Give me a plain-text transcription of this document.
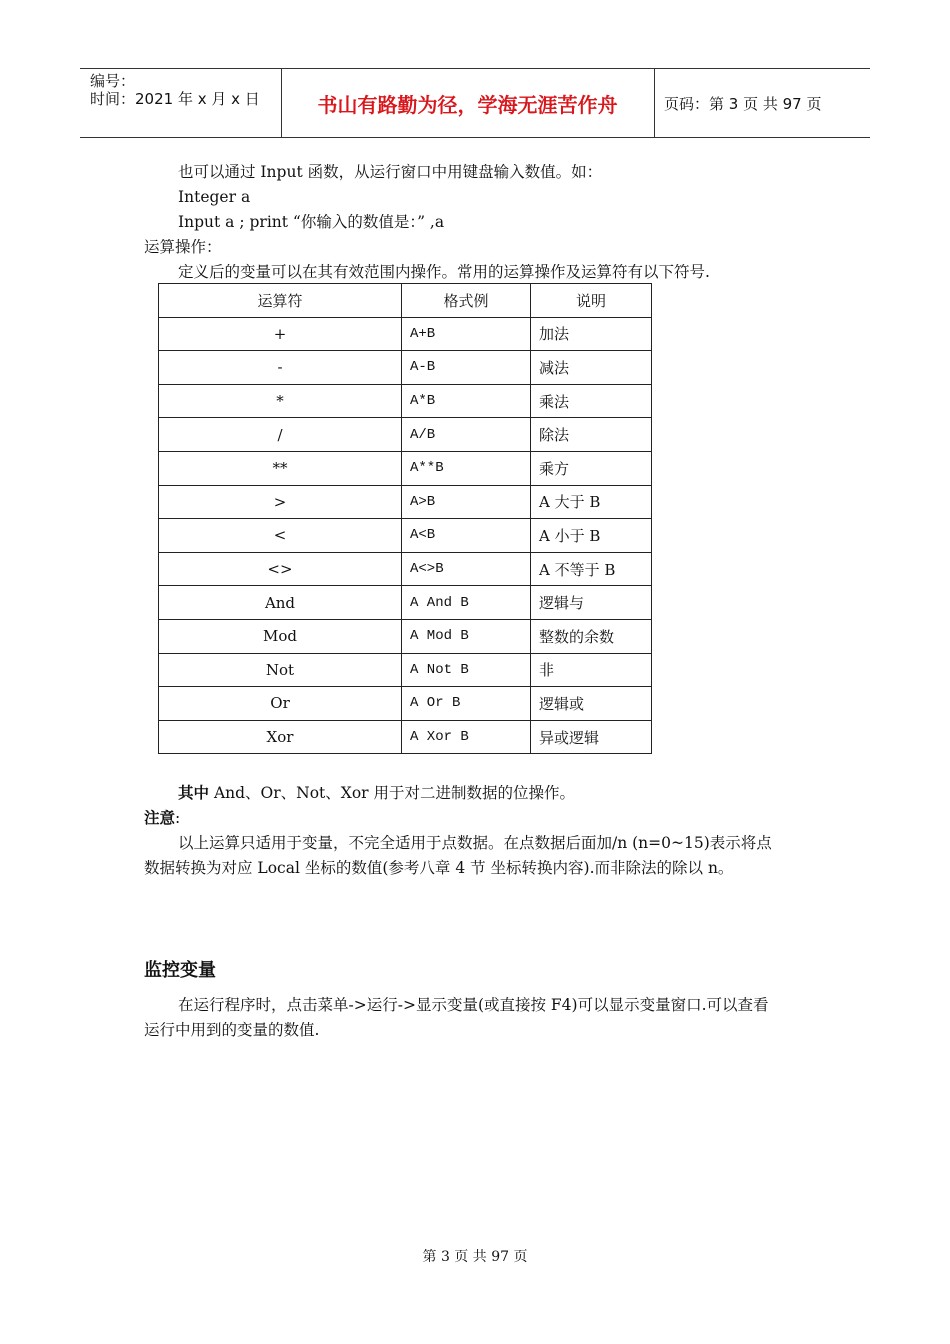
编号：
时间：2021 年 x 月 x 日	书山有路勤为径，学海无涯苦作舟	页码：第 3 页 共 97 页
也可以通过 Input 函数，从运行窗口中用键盘输入数值。如：
Integer a
Input a ; print “你输入的数值是：” ,a
运算操作：
定义后的变量可以在其有效范围内操作。常用的运算操作及运算符有以下符号.
运算符	格式例	说明
+	A+B	加法
-	A-B	减法
*	A*B	乘法
/	A/B	除法
**	A**B	乘方
>	A>B	A 大于 B
<	A<B	A 小于 B
<>	A<>B	A 不等于 B
And	A And B	逻辑与
Mod	A Mod B	整数的余数
Not	A Not B	非
Or	A Or B	逻辑或
Xor	A Xor B	异或逻辑
其中 And、Or、Not、Xor 用于对二进制数据的位操作。
注意:
以上运算只适用于变量，不完全适用于点数据。在点数据后面加/n (n=0~15)表示将点
数据转换为对应 Local 坐标的数值(参考八章 4 节 坐标转换内容).而非除法的除以 n。
监控变量
在运行程序时，点击菜单->运行->显示变量(或直接按 F4)可以显示变量窗口.可以查看
运行中用到的变量的数值.
第 3 页 共 97 页
